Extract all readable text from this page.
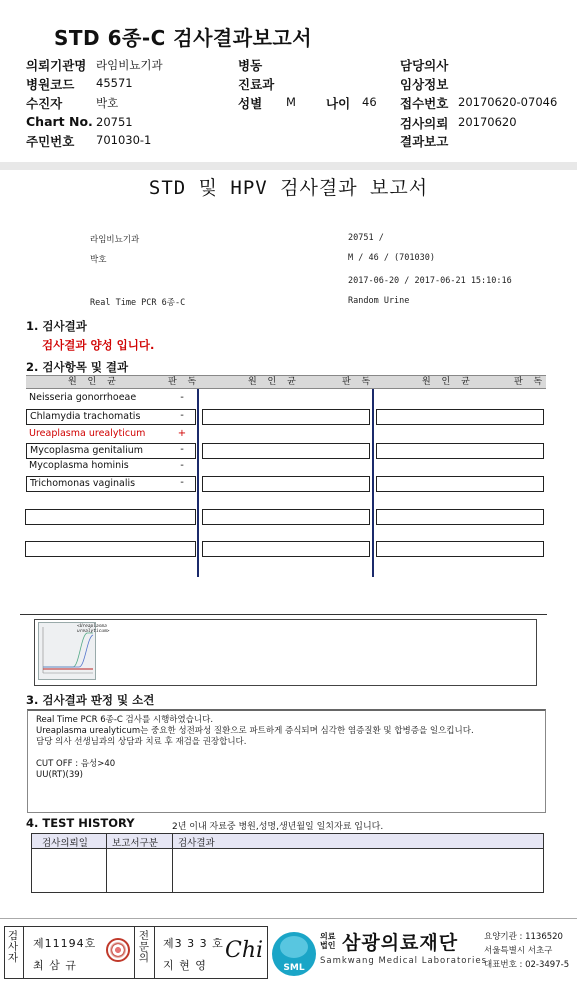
STD 6종-C 검사결과보고서
의뢰기관명 라임비뇨기과
병원코드 45571
수진자	박호
Chart No. 20751
주민번호 701030-1
병동
진료과
성별 M 나이 46
담당의사
임상정보
접수번호 20170620-07046
검사의뢰 20170620
결과보고
STD 및 HPV 검사결과 보고서
라임비뇨기과	20751 /
박호	M / 46 / (701030)
2017-06-20 / 2017-06-21 15:10:16
Real Time PCR 6종-C	Random Urine
1. 검사결과
검사결과 양성 입니다.
2. 검사항목 및 결과
원 인 균	판 독	원 인 균	판 독	원 인 균	판 독
Neisseria gonorrhoeae	-
Chlamydia trachomatis	-
Ureaplasma urealyticum	+
Mycoplasma genitalium	-
Mycoplasma hominis	-
Trichomonas vaginalis	-
<Ureaplasma urealyticum>
3. 검사결과 판정 및 소견
Real Time PCR 6종-C 검사를 시행하였습니다.
Ureaplasma urealyticum는 중요한 성전파성 질환으로 파트하게 증식되며 심각한 염증질환 및 합병증을 일으킵니다.
담당 의사 선생님과의 상담과 치료 후 재검을 권장합니다.
CUT OFF : 음성>40
UU(RT)(39)
4. TEST HISTORY	2년 이내 자료중 병원,성명,생년월일 일치자료 입니다.
검사의뢰일	보고서구분 검사결과
검
사
자
제11194호
최 삼 규
전
문
의
제3 3 3 호
지 현 영
Chi
SML
의료
법인 삼광의료재단
Samkwang Medical Laboratories
요양기관 : 1136520
서울특별시 서초구
대표번호 : 02-3497-5
